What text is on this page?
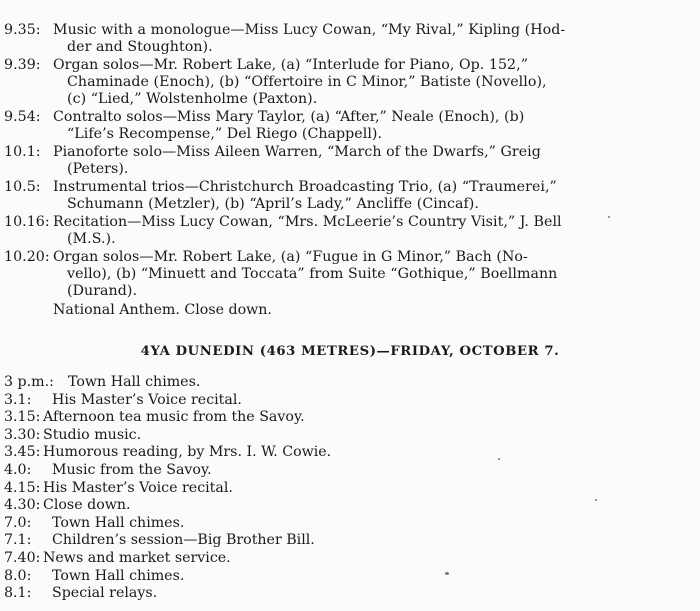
9.35: Music with a monologue—Miss Lucy Cowan, “My Rival,” Kipling (Hod-
der and Stoughton).
9.39: Organ solos—Mr. Robert Lake, (a) “Interlude for Piano, Op. 152,”
Chaminade (Enoch), (b) “Offertoire in C Minor,” Batiste (Novello),
(c) “Lied,” Wolstenholme (Paxton).
9.54: Contralto solos—Miss Mary Taylor, (a) “After,” Neale (Enoch), (b)
“Life’s Recompense,” Del Riego (Chappell).
10.1: Pianoforte solo—Miss Aileen Warren, “March of the Dwarfs,” Greig
(Peters).
10.5: Instrumental trios—Christchurch Broadcasting Trio, (a) “Traumerei,”
Schumann (Metzler), (b) “April’s Lady,” Ancliffe (Cincaf).
10.16: Recitation—Miss Lucy Cowan, “Mrs. McLeerie’s Country Visit,” J. Bell
(M.S.).
10.20: Organ solos—Mr. Robert Lake, (a) “Fugue in G Minor,” Bach (No-
vello), (b) “Minuett and Toccata” from Suite “Gothique,” Boellmann
(Durand).
National Anthem. Close down.
4YA DUNEDIN (463 METRES)—FRIDAY, OCTOBER 7.
3 p.m.: Town Hall chimes.
3.1: His Master’s Voice recital.
3.15: Afternoon tea music from the Savoy.
3.30: Studio music.
3.45: Humorous reading, by Mrs. I. W. Cowie.
4.0: Music from the Savoy.
4.15: His Master’s Voice recital.
4.30: Close down.
7.0: Town Hall chimes.
7.1: Children’s session—Big Brother Bill.
7.40: News and market service.
8.0: Town Hall chimes.
8.1: Special relays.
